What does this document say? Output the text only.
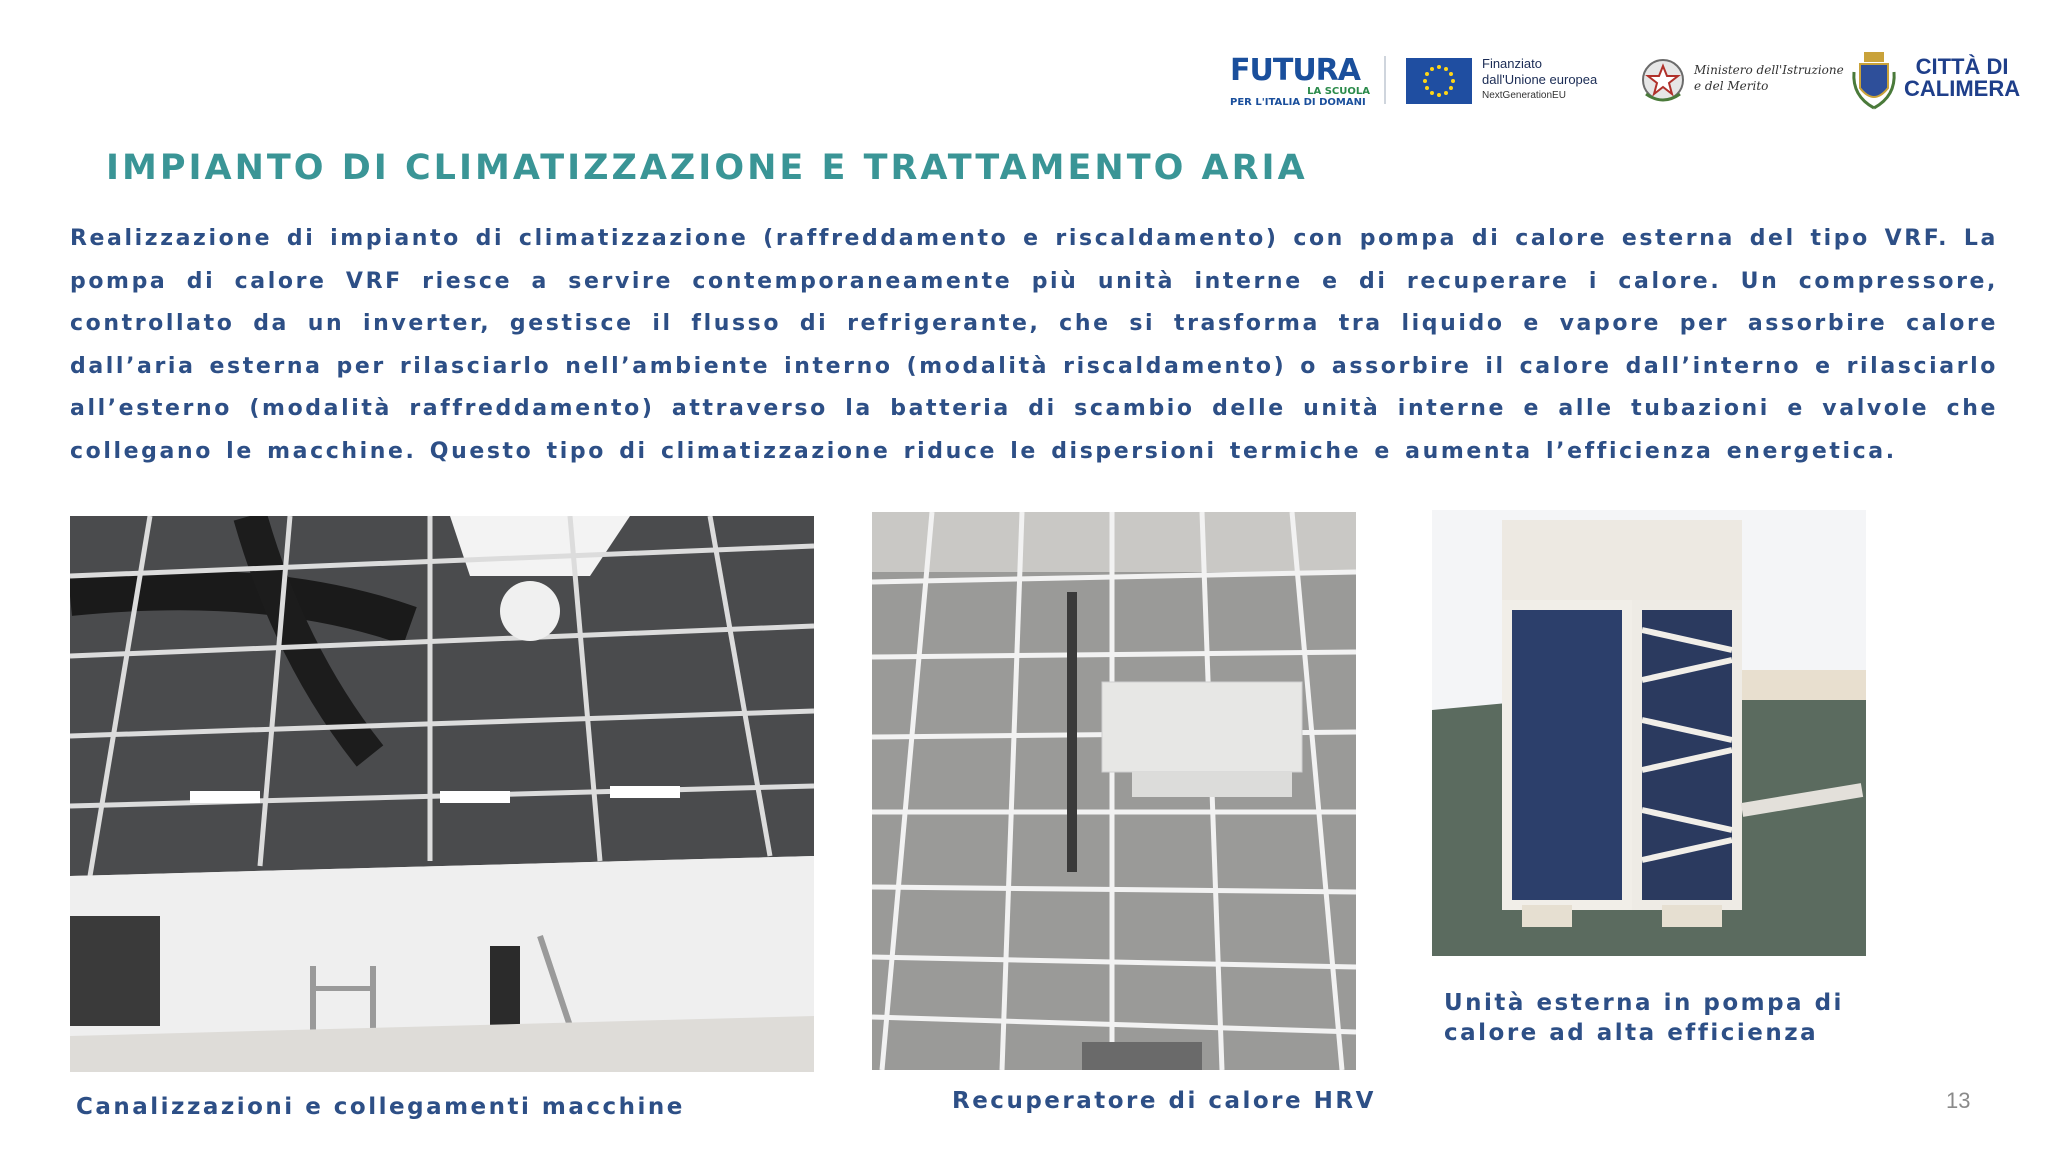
FUTURA
LA SCUOLA
PER L'ITALIA DI DOMANI
Finanziato
dall'Unione europea
NextGenerationEU
Ministero dell'Istruzione
e del Merito
CITTÀ DI
CALIMERA
IMPIANTO DI CLIMATIZZAZIONE E TRATTAMENTO ARIA

Realizzazione di impianto di climatizzazione (raffreddamento e riscaldamento) con pompa di calore esterna del tipo VRF. La pompa di calore VRF riesce a servire contemporaneamente più unità interne e di recuperare i calore. Un compressore, controllato da un inverter, gestisce il flusso di refrigerante, che si trasforma tra liquido e vapore per assorbire calore dall’aria esterna per rilasciarlo nell’ambiente interno (modalità riscaldamento) o assorbire il calore dall’interno e rilasciarlo all’esterno (modalità raffreddamento) attraverso la batteria di scambio delle unità interne e alle tubazioni e valvole che collegano le macchine. Questo tipo di climatizzazione riduce le dispersioni termiche e aumenta l’efficienza energetica.

Canalizzazioni e collegamenti macchine	Recuperatore di calore HRV
Unità esterna in pompa di calore ad alta efficienza
13
